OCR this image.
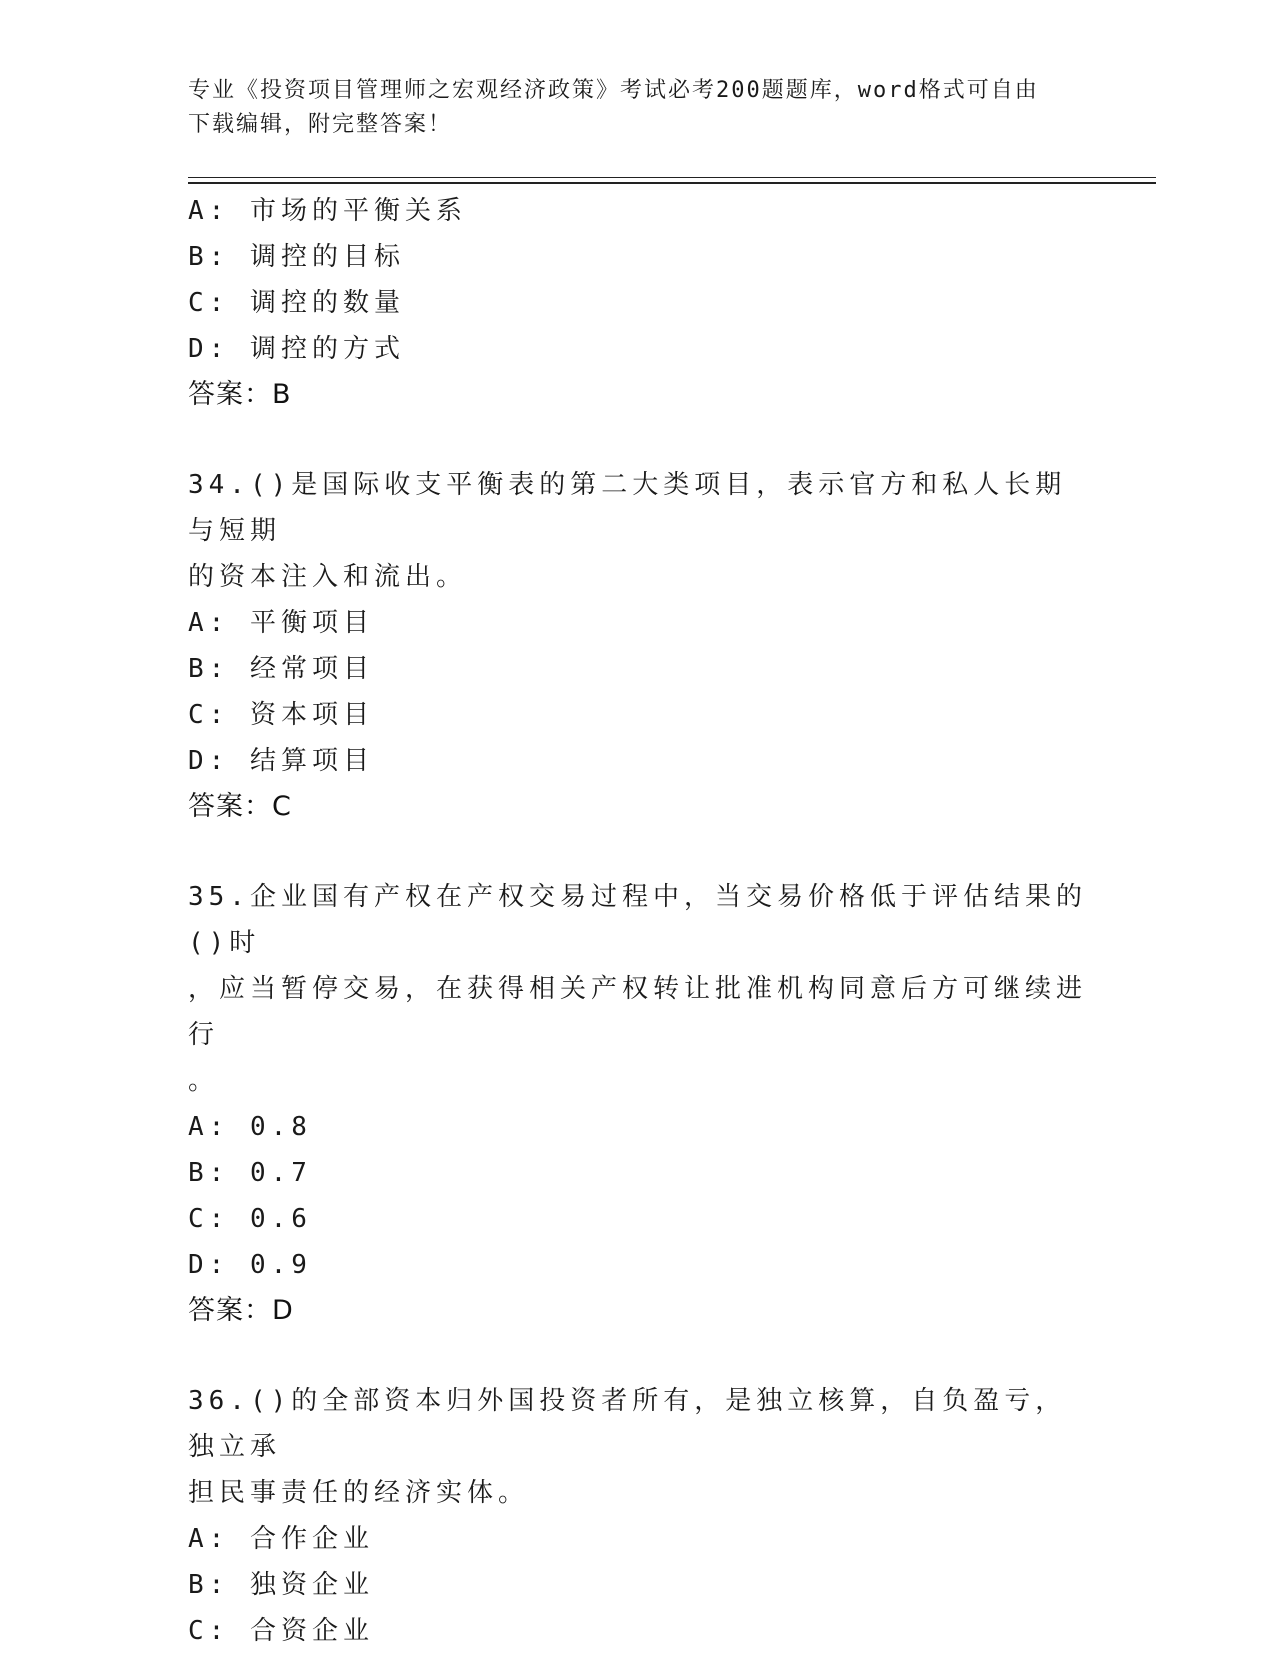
专业《投资项目管理师之宏观经济政策》考试必考200题题库，word格式可自由
下载编辑，附完整答案！
A: 市场的平衡关系
B: 调控的目标
C: 调控的数量
D: 调控的方式
答案：B
34.()是国际收支平衡表的第二大类项目，表示官方和私人长期与短期
的资本注入和流出。
A: 平衡项目
B: 经常项目
C: 资本项目
D: 结算项目
答案：C
35.企业国有产权在产权交易过程中，当交易价格低于评估结果的()时
，应当暂停交易，在获得相关产权转让批准机构同意后方可继续进行
。
A: 0.8
B: 0.7
C: 0.6
D: 0.9
答案：D
36.()的全部资本归外国投资者所有，是独立核算，自负盈亏，独立承
担民事责任的经济实体。
A: 合作企业
B: 独资企业
C: 合资企业
